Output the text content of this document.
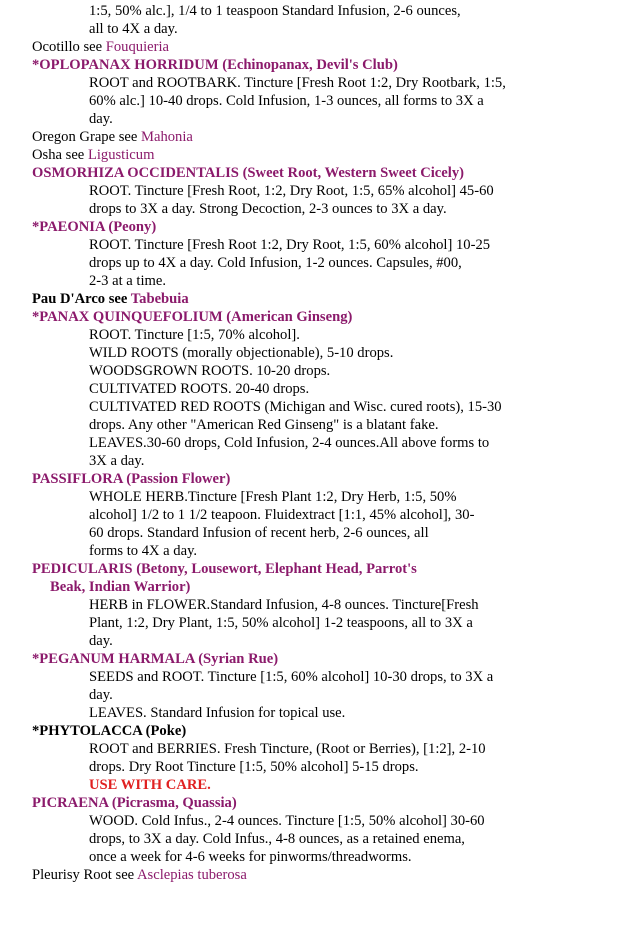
1:5, 50% alc.], 1/4 to 1 teaspoon Standard Infusion, 2-6 ounces,
all to 4X a day.
Ocotillo see Fouquieria
*OPLOPANAX HORRIDUM (Echinopanax, Devil's Club)
ROOT and ROOTBARK. Tincture [Fresh Root 1:2, Dry Rootbark, 1:5,
60% alc.] 10-40 drops. Cold Infusion, 1-3 ounces, all forms to 3X a
day.
Oregon Grape see Mahonia
Osha see Ligusticum
OSMORHIZA OCCIDENTALIS (Sweet Root, Western Sweet Cicely)
ROOT. Tincture [Fresh Root, 1:2, Dry Root, 1:5, 65% alcohol] 45-60
drops to 3X a day. Strong Decoction, 2-3 ounces to 3X a day.
*PAEONIA (Peony)
ROOT. Tincture [Fresh Root 1:2, Dry Root, 1:5, 60% alcohol] 10-25
drops up to 4X a day. Cold Infusion, 1-2 ounces. Capsules, #00,
2-3 at a time.
Pau D'Arco see Tabebuia
*PANAX QUINQUEFOLIUM (American Ginseng)
ROOT. Tincture [1:5, 70% alcohol].
WILD ROOTS (morally objectionable), 5-10 drops.
WOODSGROWN ROOTS. 10-20 drops.
CULTIVATED ROOTS. 20-40 drops.
CULTIVATED RED ROOTS (Michigan and Wisc. cured roots), 15-30
drops. Any other "American Red Ginseng" is a blatant fake.
LEAVES.30-60 drops, Cold Infusion, 2-4 ounces.All above forms to
3X a day.
PASSIFLORA (Passion Flower)
WHOLE HERB.Tincture [Fresh Plant 1:2, Dry Herb, 1:5, 50%
alcohol] 1/2 to 1 1/2 teapoon. Fluidextract [1:1, 45% alcohol], 30-
60 drops. Standard Infusion of recent herb, 2-6 ounces, all
forms to 4X a day.
PEDICULARIS (Betony, Lousewort, Elephant Head, Parrot's
Beak, Indian Warrior)
HERB in FLOWER.Standard Infusion, 4-8 ounces. Tincture[Fresh
Plant, 1:2, Dry Plant, 1:5, 50% alcohol] 1-2 teaspoons, all to 3X a
day.
*PEGANUM HARMALA (Syrian Rue)
SEEDS and ROOT. Tincture [1:5, 60% alcohol] 10-30 drops, to 3X a
day.
LEAVES. Standard Infusion for topical use.
*PHYTOLACCA (Poke)
ROOT and BERRIES. Fresh Tincture, (Root or Berries), [1:2], 2-10
drops. Dry Root Tincture [1:5, 50% alcohol] 5-15 drops.
USE WITH CARE.
PICRAENA (Picrasma, Quassia)
WOOD. Cold Infus., 2-4 ounces. Tincture [1:5, 50% alcohol] 30-60
drops, to 3X a day. Cold Infus., 4-8 ounces, as a retained enema,
once a week for 4-6 weeks for pinworms/threadworms.
Pleurisy Root see Asclepias tuberosa
